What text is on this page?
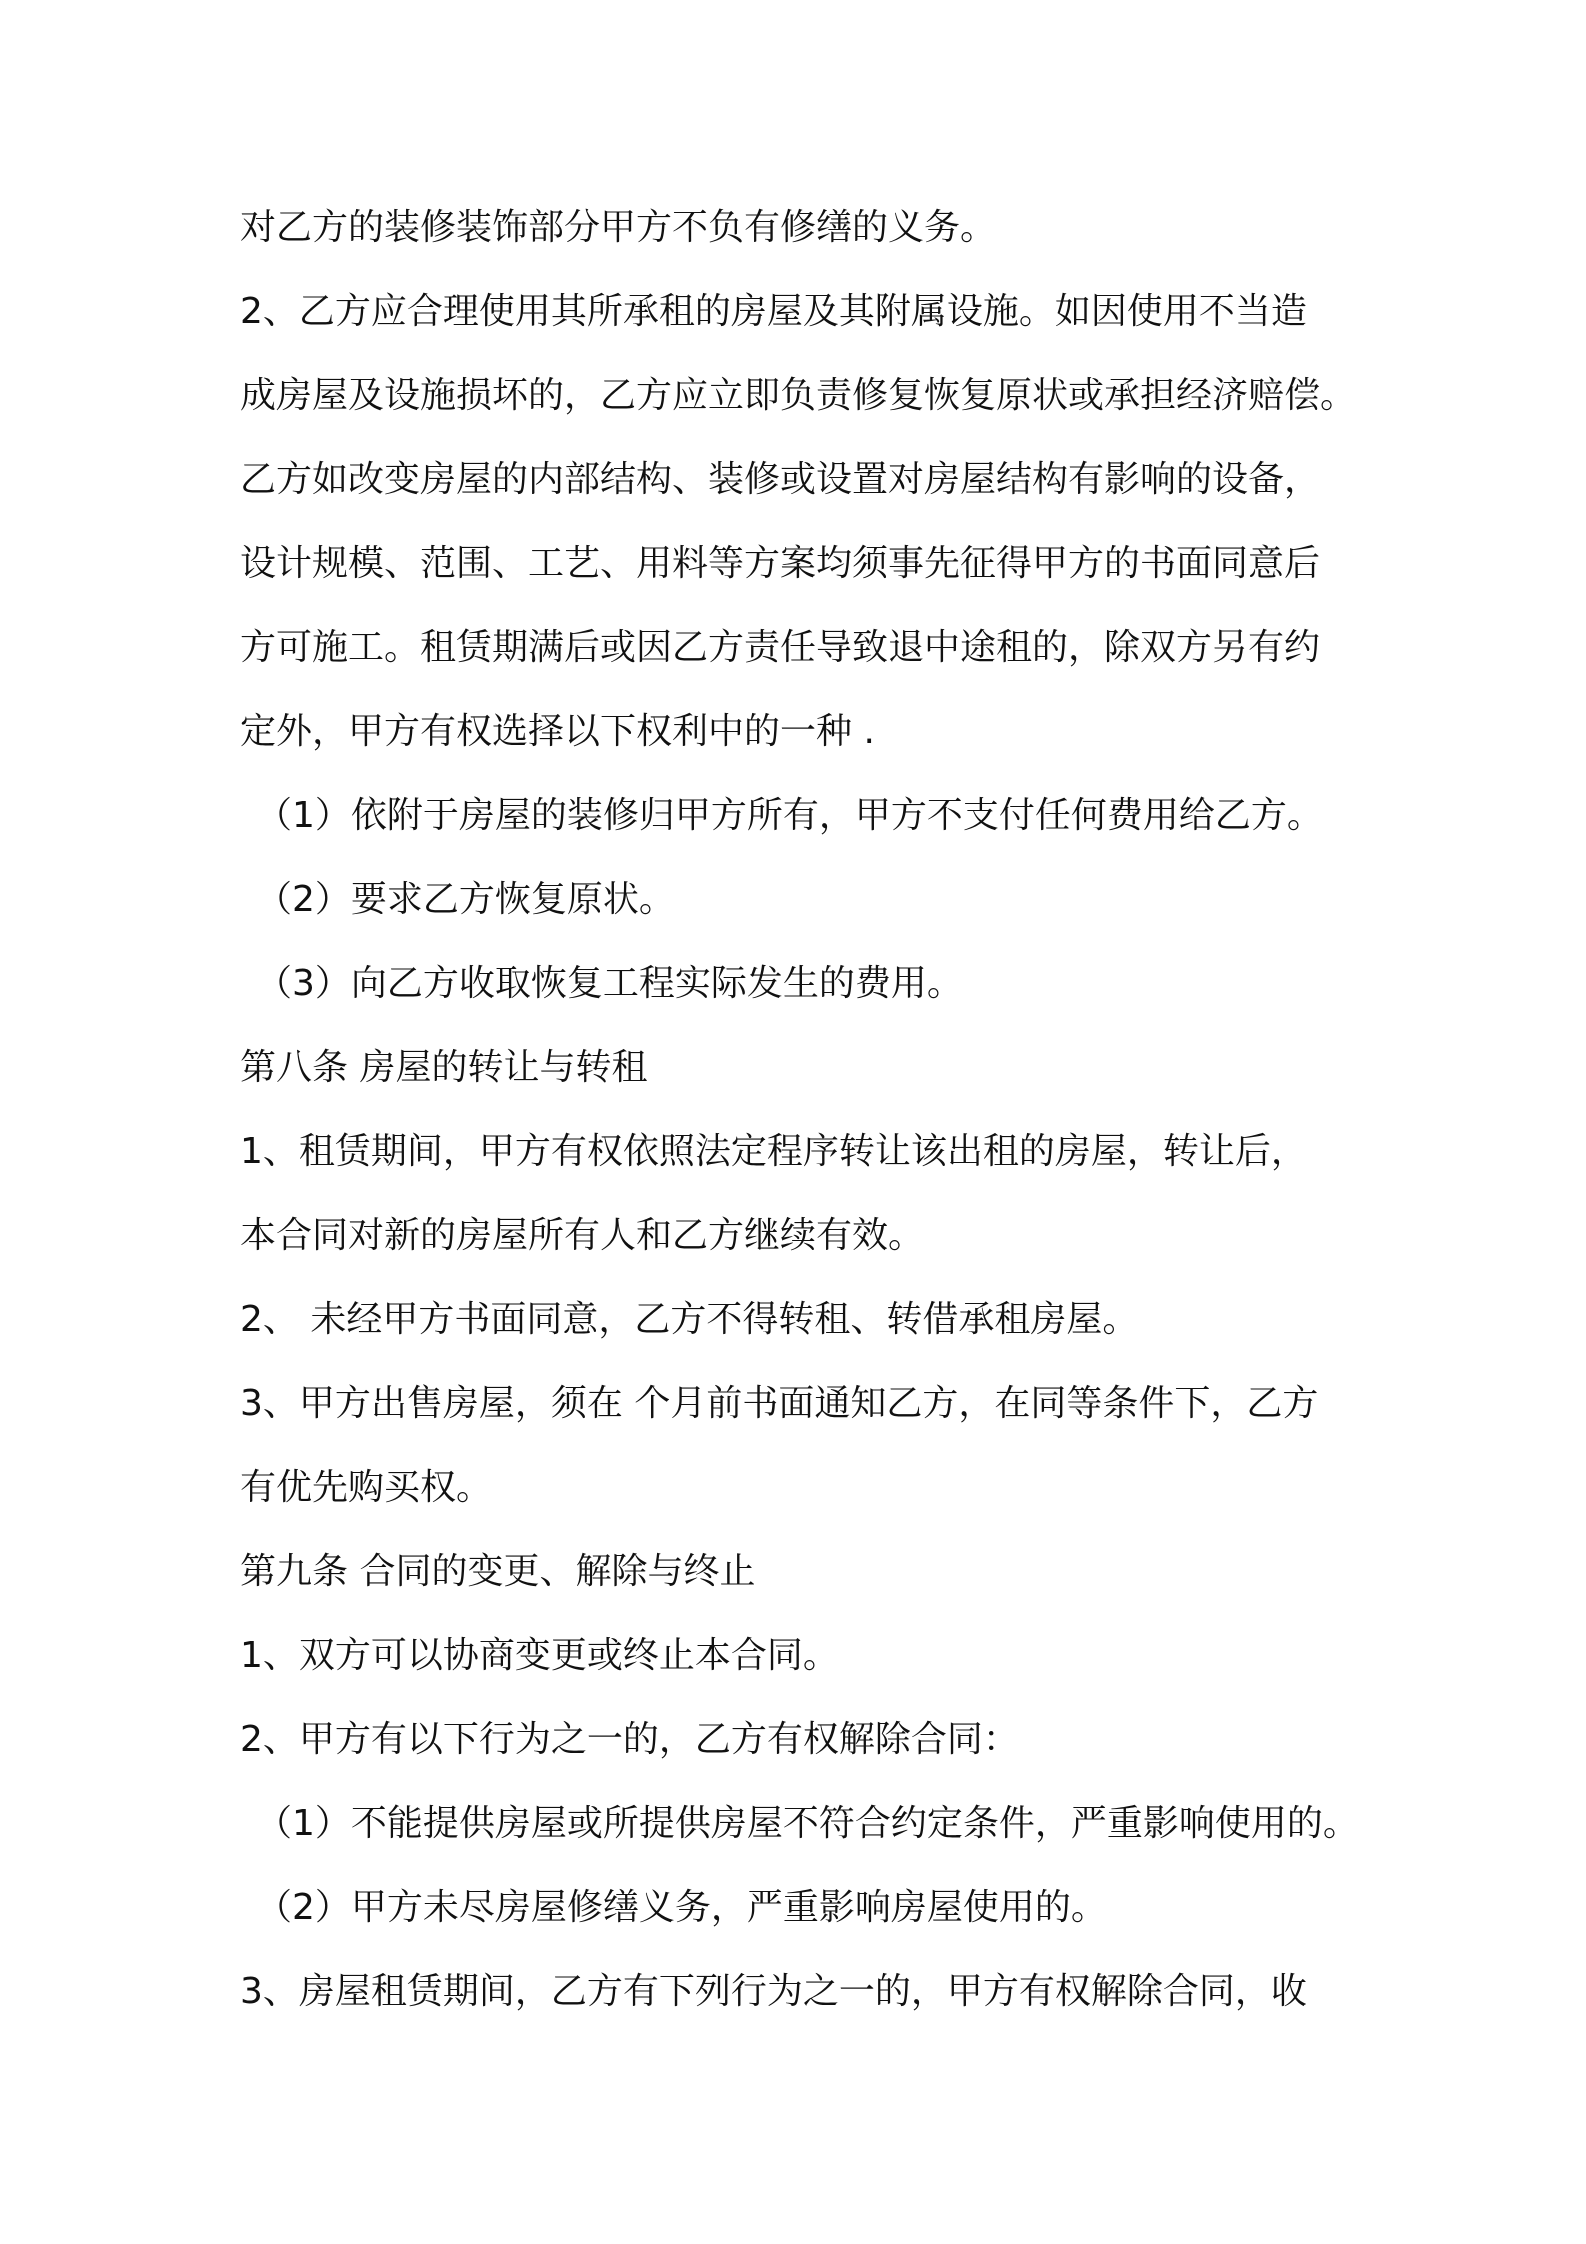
对乙方的装修装饰部分甲方不负有修缮的义务。
2、乙方应合理使用其所承租的房屋及其附属设施。如因使用不当造
成房屋及设施损坏的，乙方应立即负责修复恢复原状或承担经济赔偿。
乙方如改变房屋的内部结构、装修或设置对房屋结构有影响的设备，
设计规模、范围、工艺、用料等方案均须事先征得甲方的书面同意后
方可施工。租赁期满后或因乙方责任导致退中途租的，除双方另有约
定外，甲方有权选择以下权利中的一种 .
（1）依附于房屋的装修归甲方所有，甲方不支付任何费用给乙方。
（2）要求乙方恢复原状。
（3）向乙方收取恢复工程实际发生的费用。
第八条 房屋的转让与转租
1、租赁期间，甲方有权依照法定程序转让该出租的房屋，转让后，
本合同对新的房屋所有人和乙方继续有效。
2、 未经甲方书面同意，乙方不得转租、转借承租房屋。
3、甲方出售房屋，须在 个月前书面通知乙方，在同等条件下，乙方
有优先购买权。
第九条 合同的变更、解除与终止
1、双方可以协商变更或终止本合同。
2、甲方有以下行为之一的，乙方有权解除合同：
（1）不能提供房屋或所提供房屋不符合约定条件，严重影响使用的。
（2）甲方未尽房屋修缮义务，严重影响房屋使用的。
3、房屋租赁期间，乙方有下列行为之一的，甲方有权解除合同，收
